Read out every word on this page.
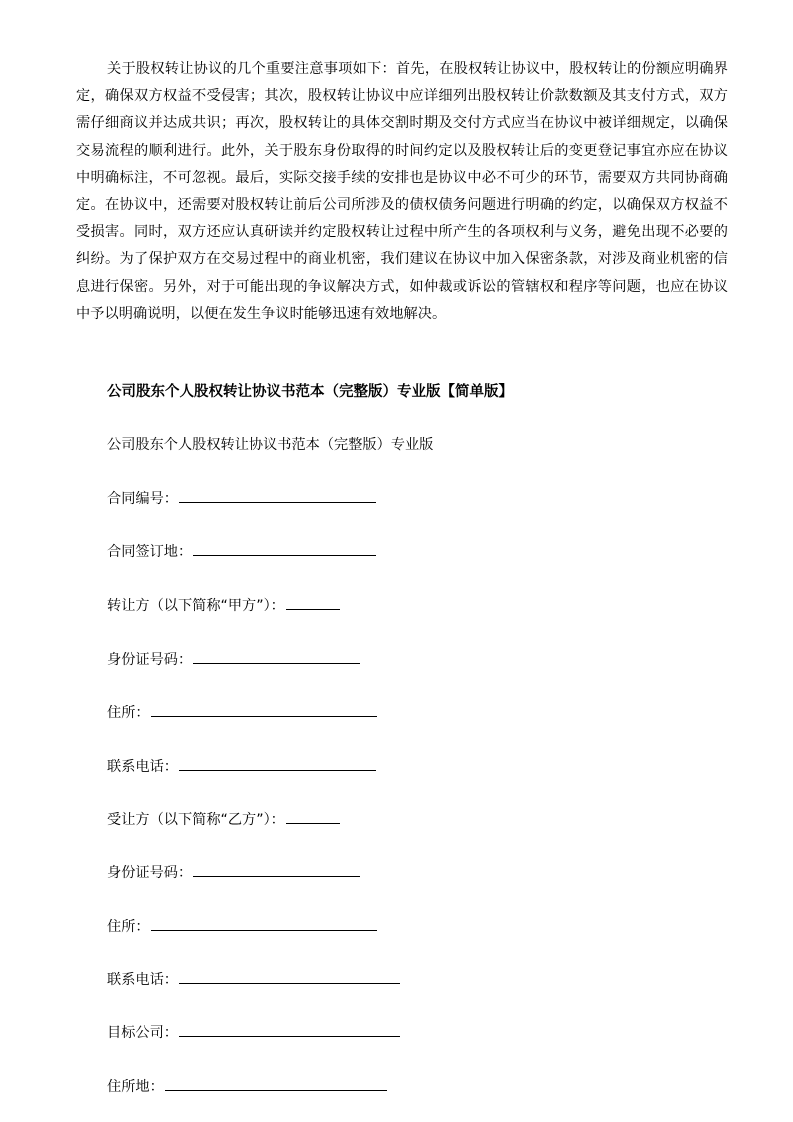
关于股权转让协议的几个重要注意事项如下：首先，在股权转让协议中，股权转让的份额应明确界定，确保双方权益不受侵害；其次，股权转让协议中应详细列出股权转让价款数额及其支付方式，双方需仔细商议并达成共识；再次，股权转让的具体交割时期及交付方式应当在协议中被详细规定，以确保交易流程的顺利进行。此外，关于股东身份取得的时间约定以及股权转让后的变更登记事宜亦应在协议中明确标注，不可忽视。最后，实际交接手续的安排也是协议中必不可少的环节，需要双方共同协商确定。在协议中，还需要对股权转让前后公司所涉及的债权债务问题进行明确的约定，以确保双方权益不受损害。同时，双方还应认真研读并约定股权转让过程中所产生的各项权利与义务，避免出现不必要的纠纷。为了保护双方在交易过程中的商业机密，我们建议在协议中加入保密条款，对涉及商业机密的信息进行保密。另外，对于可能出现的争议解决方式，如仲裁或诉讼的管辖权和程序等问题，也应在协议中予以明确说明，以便在发生争议时能够迅速有效地解决。

公司股东个人股权转让协议书范本（完整版）专业版【简单版】

公司股东个人股权转让协议书范本（完整版）专业版

合同编号：
合同签订地：
转让方（以下简称“甲方”）：
身份证号码：
住所：
联系电话：
受让方（以下简称“乙方”）：
身份证号码：
住所：
联系电话：
目标公司：
住所地：
